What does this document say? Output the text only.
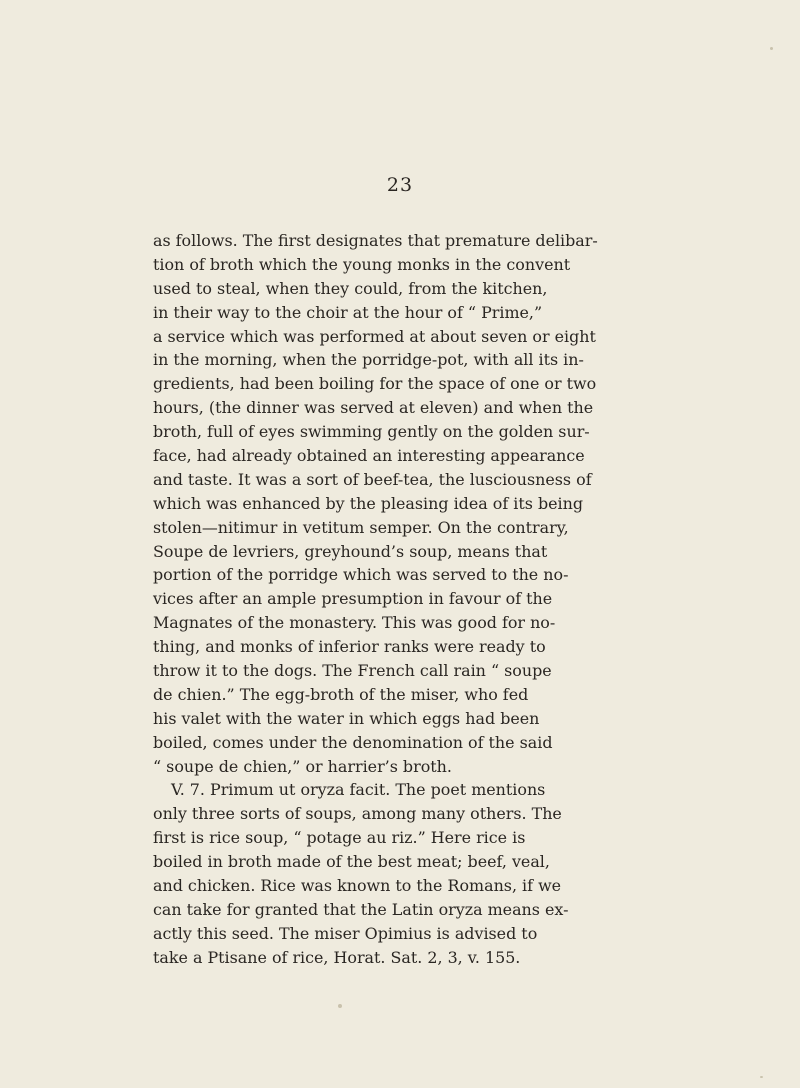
23
as follows. The first designates that premature delibar-
tion of broth which the young monks in the convent
used to steal, when they could, from the kitchen,
in their way to the choir at the hour of “ Prime,”
a service which was performed at about seven or eight
in the morning, when the porridge-pot, with all its in-
gredients, had been boiling for the space of one or two
hours, (the dinner was served at eleven) and when the
broth, full of eyes swimming gently on the golden sur-
face, had already obtained an interesting appearance
and taste. It was a sort of beef-tea, the lusciousness of
which was enhanced by the pleasing idea of its being
stolen—nitimur in vetitum semper. On the contrary,
Soupe de levriers, greyhound’s soup, means that
portion of the porridge which was served to the no-
vices after an ample presumption in favour of the
Magnates of the monastery. This was good for no-
thing, and monks of inferior ranks were ready to
throw it to the dogs. The French call rain “ soupe
de chien.” The egg-broth of the miser, who fed
his valet with the water in which eggs had been
boiled, comes under the denomination of the said
“ soupe de chien,” or harrier’s broth.
V. 7. Primum ut oryza facit. The poet mentions
only three sorts of soups, among many others. The
first is rice soup, “ potage au riz.” Here rice is
boiled in broth made of the best meat; beef, veal,
and chicken. Rice was known to the Romans, if we
can take for granted that the Latin oryza means ex-
actly this seed. The miser Opimius is advised to
take a Ptisane of rice, Horat. Sat. 2, 3, v. 155.
